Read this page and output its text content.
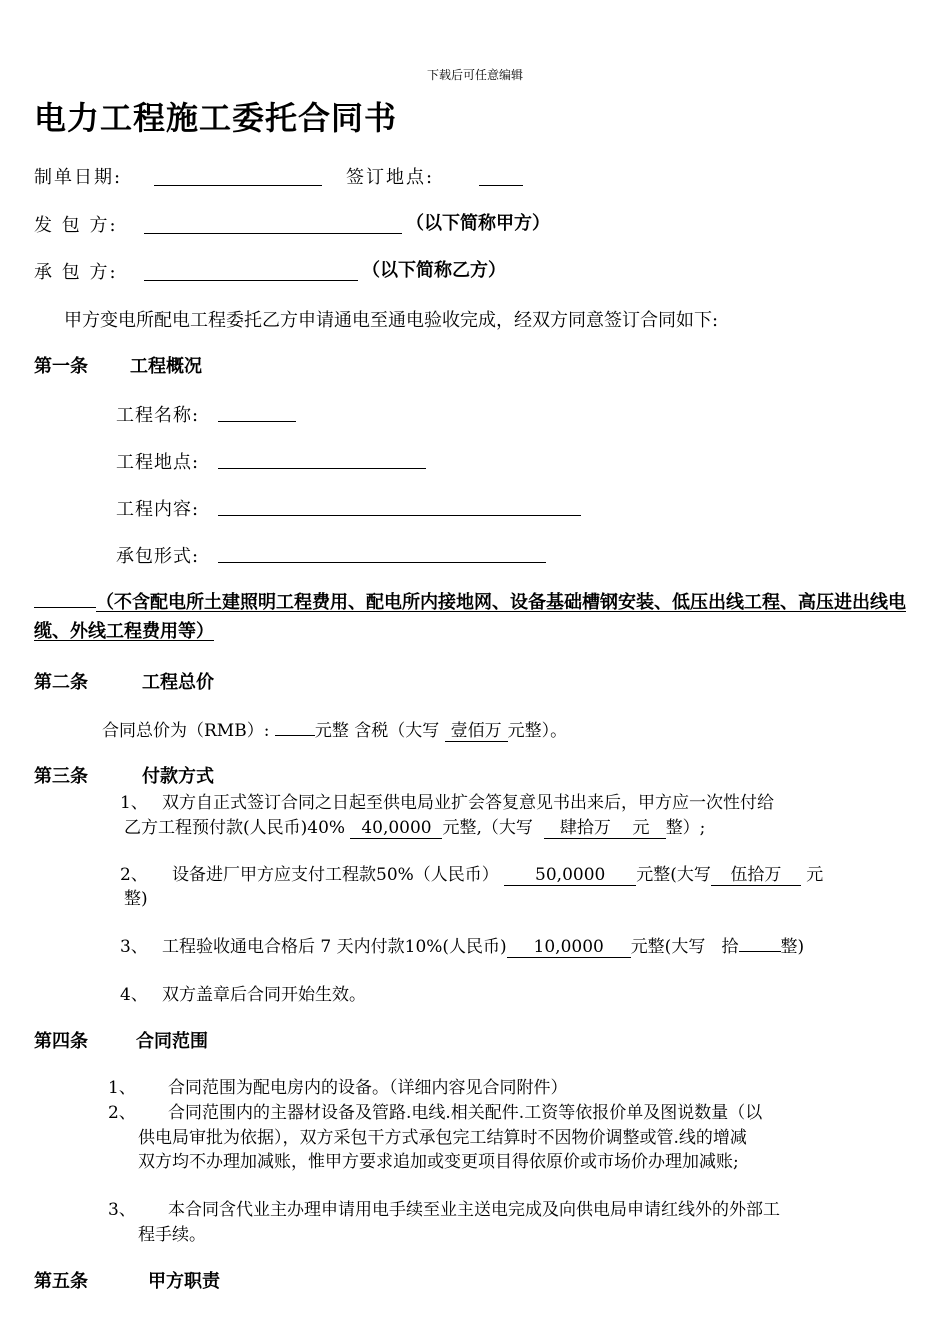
下载后可任意编辑
电力工程施工委托合同书
制单日期:	签订地点:
发 包 方:	（以下简称甲方）
承 包 方:	（以下简称乙方）
甲方变电所配电工程委托乙方申请通电至通电验收完成，经双方同意签订合同如下:
第一条 工程概况
工程名称:
工程地点:
工程内容:
承包形式:
（不含配电所土建照明工程费用、配电所内接地网、设备基础槽钢安装、低压出线工程、高压进出线电缆、外线工程费用等）
第二条	工程总价
合同总价为（RMB）:	元整 含税（大写 壹佰万 元整）。
第三条	付款方式
1、 双方自正式签订合同之日起至供电局业扩会答复意见书出来后，甲方应一次性付给
乙方工程预付款(人民币)40% 40,0000 元整,（大写 肆拾万 元 整）;
2、 设备进厂甲方应支付工程款50%（人民币） 50,0000 元整(大写 伍拾万 元
整)
3、 工程验收通电合格后 7 天内付款10%(人民币) 10,0000 元整(大写 拾 整)
4、 双方盖章后合同开始生效。
第四条	合同范围
1、 合同范围为配电房内的设备。（详细内容见合同附件）
2、 合同范围内的主器材设备及管路.电线.相关配件.工资等依报价单及图说数量（以
供电局审批为依据），双方采包干方式承包完工结算时不因物价调整或管.线的增减
双方均不办理加减账，惟甲方要求追加或变更项目得依原价或市场价办理加减账;
3、 本合同含代业主办理申请用电手续至业主送电完成及向供电局申请红线外的外部工
程手续。
第五条	甲方职责
